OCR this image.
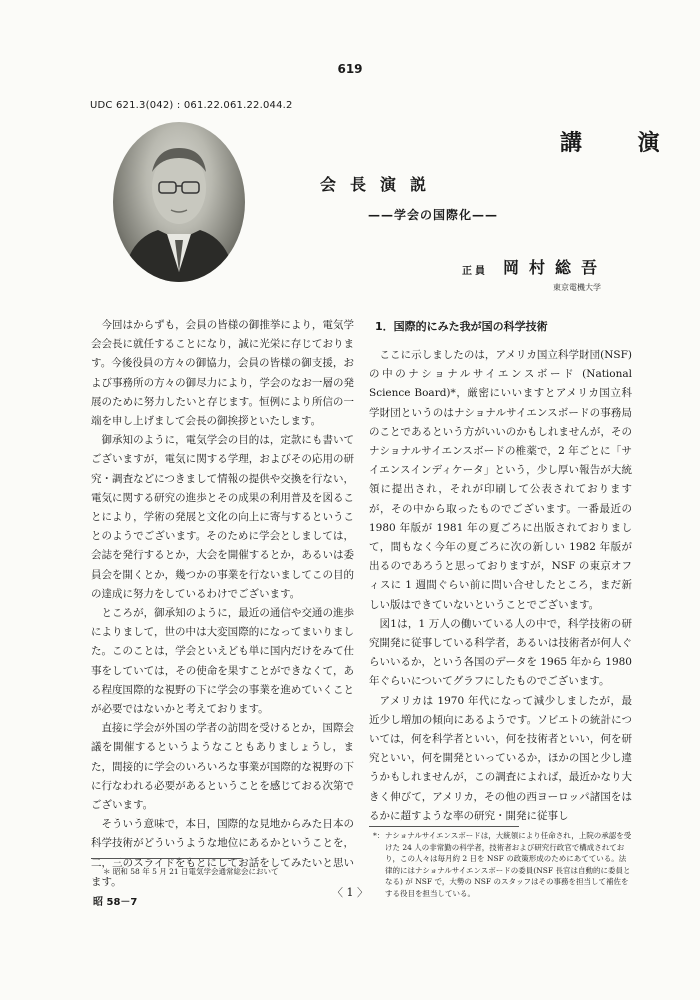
619
UDC 621.3(042) : 061.22.061.22.044.2
講 演
会長演説
——学会の国際化——
正員 岡村総吾
東京電機大学

今回はからずも，会員の皆様の御推挙により，電気学会会長に就任することになり，誠に光栄に存じております。今後役員の方々の御協力，会員の皆様の御支援，および事務所の方々の御尽力により，学会のなお一層の発展のために努力したいと存じます。恒例により所信の一端を申し上げまして会長の御挨拶といたします。

御承知のように，電気学会の目的は，定款にも書いてございますが，電気に関する学理，およびその応用の研究・調査などにつきまして情報の提供や交換を行ない，電気に関する研究の進歩とその成果の利用普及を図ることにより，学術の発展と文化の向上に寄与するということのようでございます。そのために学会としましては，会誌を発行するとか，大会を開催するとか，あるいは委員会を開くとか，幾つかの事業を行ないましてこの目的の達成に努力をしているわけでございます。

ところが，御承知のように，最近の通信や交通の進歩によりまして，世の中は大変国際的になってまいりました。このことは，学会といえども単に国内だけをみて仕事をしていては，その使命を果すことができなくて，ある程度国際的な視野の下に学会の事業を進めていくことが必要ではないかと考えております。

直接に学会が外国の学者の訪問を受けるとか，国際会議を開催するというようなこともありましょうし，また，間接的に学会のいろいろな事業が国際的な視野の下に行なわれる必要があるということを感じておる次第でございます。

そういう意味で，本日，国際的な見地からみた日本の科学技術がどういうような地位にあるかということを，二，三のスライドをもとにしてお話をしてみたいと思います。

1．国際的にみた我が国の科学技術

ここに示しましたのは，アメリカ国立科学財団(NSF) の中のナショナルサイエンスボード (National Science Board)*，厳密にいいますとアメリカ国立科学財団というのはナショナルサイエンスボードの事務局のことであるという方がいいのかもしれませんが，そのナショナルサイエンスボードの椎薬で，2 年ごとに「サイエンスインディケータ」という，少し厚い報告が大統領に提出され，それが印刷して公表されておりますが，その中から取ったものでございます。一番最近の 1980 年版が 1981 年の夏ごろに出版されておりまして，間もなく今年の夏ごろに次の新しい 1982 年版が出るのであろうと思っておりますが，NSF の東京オフィスに 1 週間ぐらい前に問い合せしたところ，まだ新しい版はできていないということでございます。

図1は，1 万人の働いている人の中で，科学技術の研究開発に従事している科学者，あるいは技術者が何人ぐらいいるか，という各国のデータを 1965 年から 1980 年ぐらいについてグラフにしたものでございます。

アメリカは 1970 年代になって減少しましたが，最近少し増加の傾向にあるようです。ソビエトの統計については，何を科学者といい，何を技術者といい，何を研究といい，何を開発といっているか，ほかの国と少し違うかもしれませんが，この調査によれば，最近かなり大きく伸びて，アメリカ，その他の西ヨーロッパ諸国をはるかに超すような率の研究・開発に従事し

*： ナショナルサイエンスボードは，大統領により任命され，上院の承認を受けた 24 人の非常勤の科学者，技術者および研究行政官で構成されており，この人々は毎月約 2 日を NSF の政策形成のためにあてている。法律的にはナショナルサイエンスボードの委員(NSF 長官は自動的に委員となる) が NSF で，大勢の NSF のスタッフはその事務を担当して補佐をする役目を担当している。
＊ 昭和 58 年 5 月 21 日電気学会通常総会において
昭 58－7
〈 1 〉
